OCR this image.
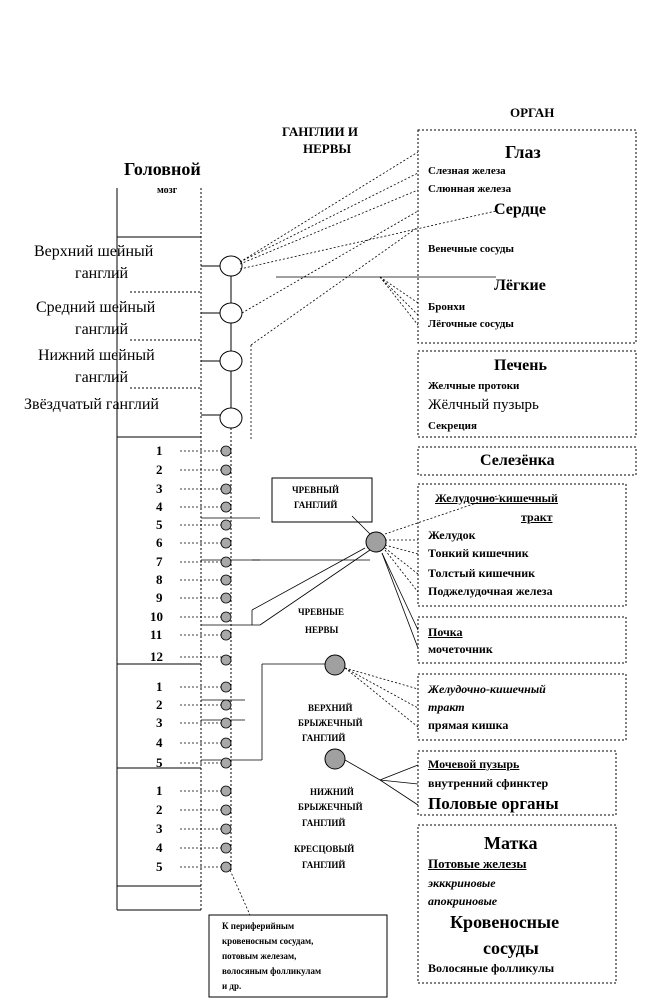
ОРГАН
ГАНГЛИИ И
НЕРВЫ
Головной
мозг
Верхний шейный
ганглий
Средний шейный
ганглий
Нижний шейный
ганглий
Звёздчатый ганглий
1
2
3
4
5
6
7
8
9
10
11
12
1
2
3
4
5
1
2
3
4
5
ЧРЕВНЫЙ
ГАНГЛИЙ
ЧРЕВНЫЕ
НЕРВЫ
ВЕРХНИЙ
БРЫЖЕЧНЫЙ
ГАНГЛИЙ
НИЖНИЙ
БРЫЖЕЧНЫЙ
ГАНГЛИЙ
КРЕСЦОВЫЙ
ГАНГЛИЙ
Глаз
Слезная железа
Слюнная железа
Сердце
Венечные сосуды
Лёгкие
Бронхи
Лёгочные сосуды
Печень
Желчные протоки
Жёлчный пузырь
Секреция
Селезёнка
Желудочно-кишечный
тракт
Желудок
Тонкий кишечник
Толстый кишечник
Поджелудочная железа
Почка
мочеточник
Желудочно-кишечный
тракт
прямая кишка
Мочевой пузырь
внутренний сфинктер
Половые органы
Матка
Потовые железы
экккриновые
апокриновые
Кровеносные
сосуды
Волосяные фолликулы
К периферийным
кровеносным сосудам,
потовым железам,
волосяным фолликулам
и др.
